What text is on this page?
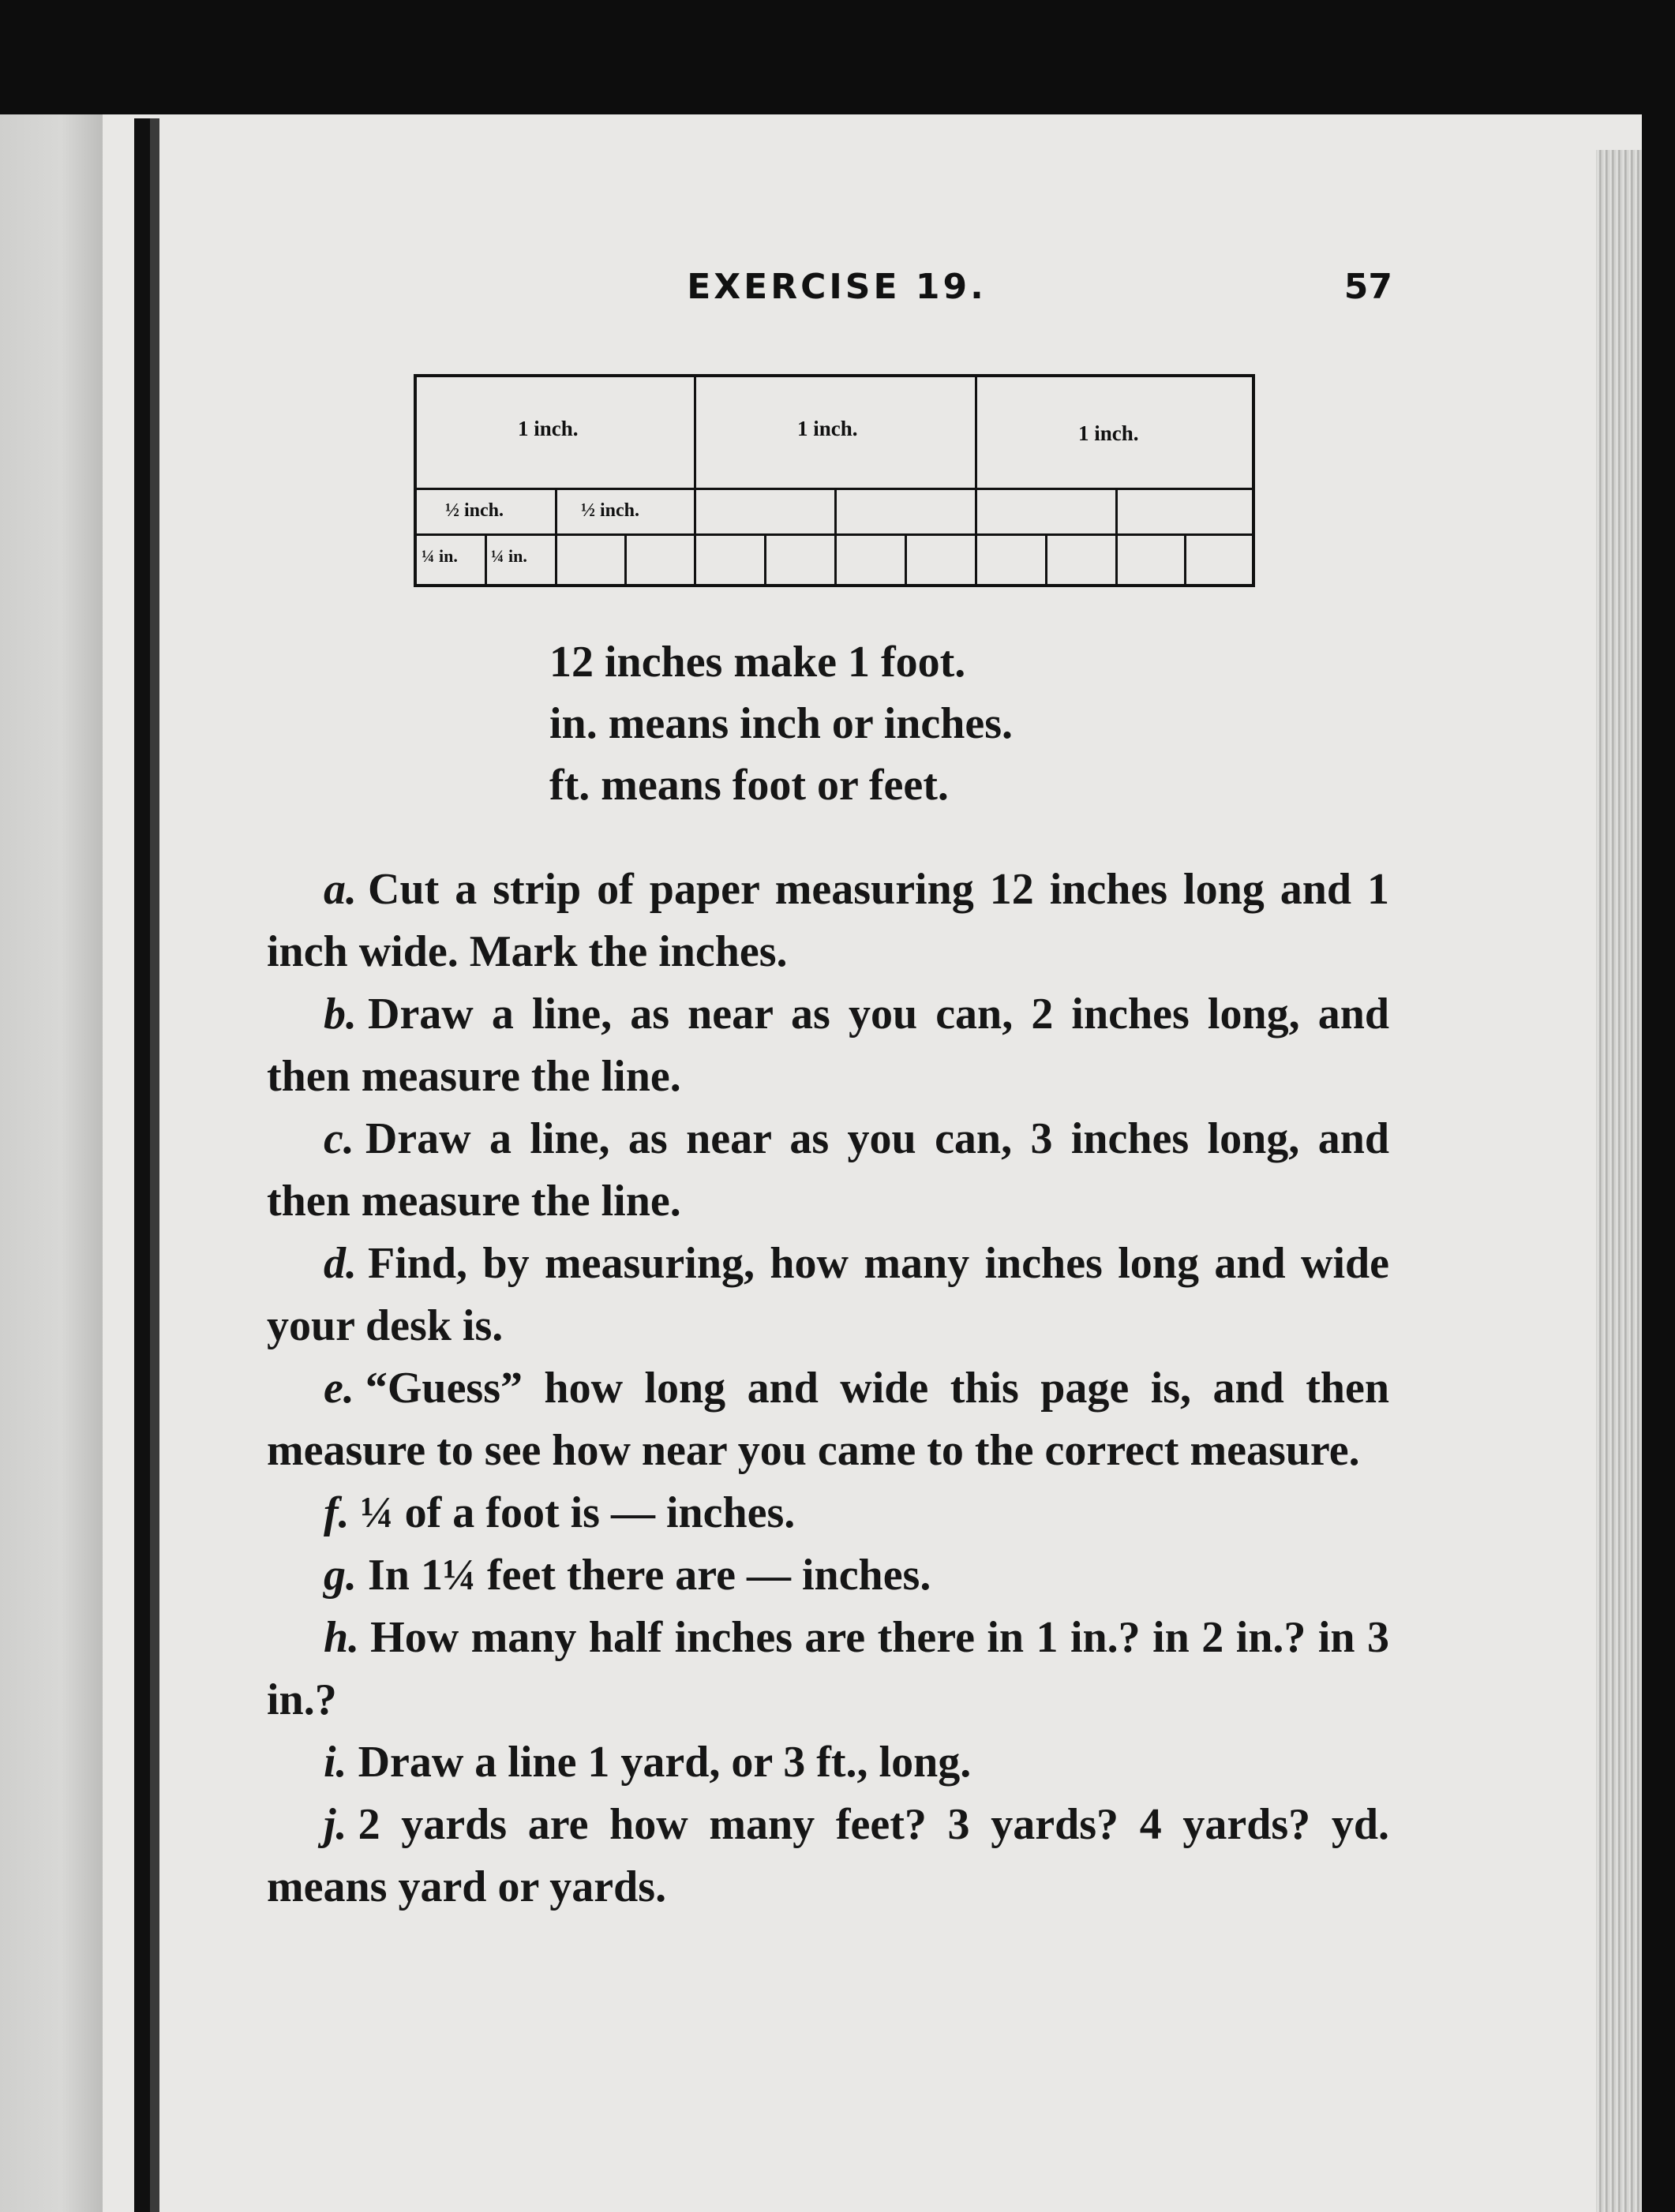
EXERCISE 19.	57
1 inch.	1 inch.	1 inch.
½ inch.	½ inch.
¼ in. ¼ in.
12 inches make 1 foot.
in. means inch or inches.
ft. means foot or feet.

a. Cut a strip of paper measuring 12 inches long and 1 inch wide. Mark the inches.

b. Draw a line, as near as you can, 2 inches long, and then measure the line.

c. Draw a line, as near as you can, 3 inches long, and then measure the line.

d. Find, by measuring, how many inches long and wide your desk is.

e. “Guess” how long and wide this page is, and then measure to see how near you came to the correct measure.

f. ¼ of a foot is — inches.

g. In 1¼ feet there are — inches.

h. How many half inches are there in 1 in.? in 2 in.? in 3 in.?

i. Draw a line 1 yard, or 3 ft., long.

j. 2 yards are how many feet? 3 yards? 4 yards? yd. means yard or yards.
